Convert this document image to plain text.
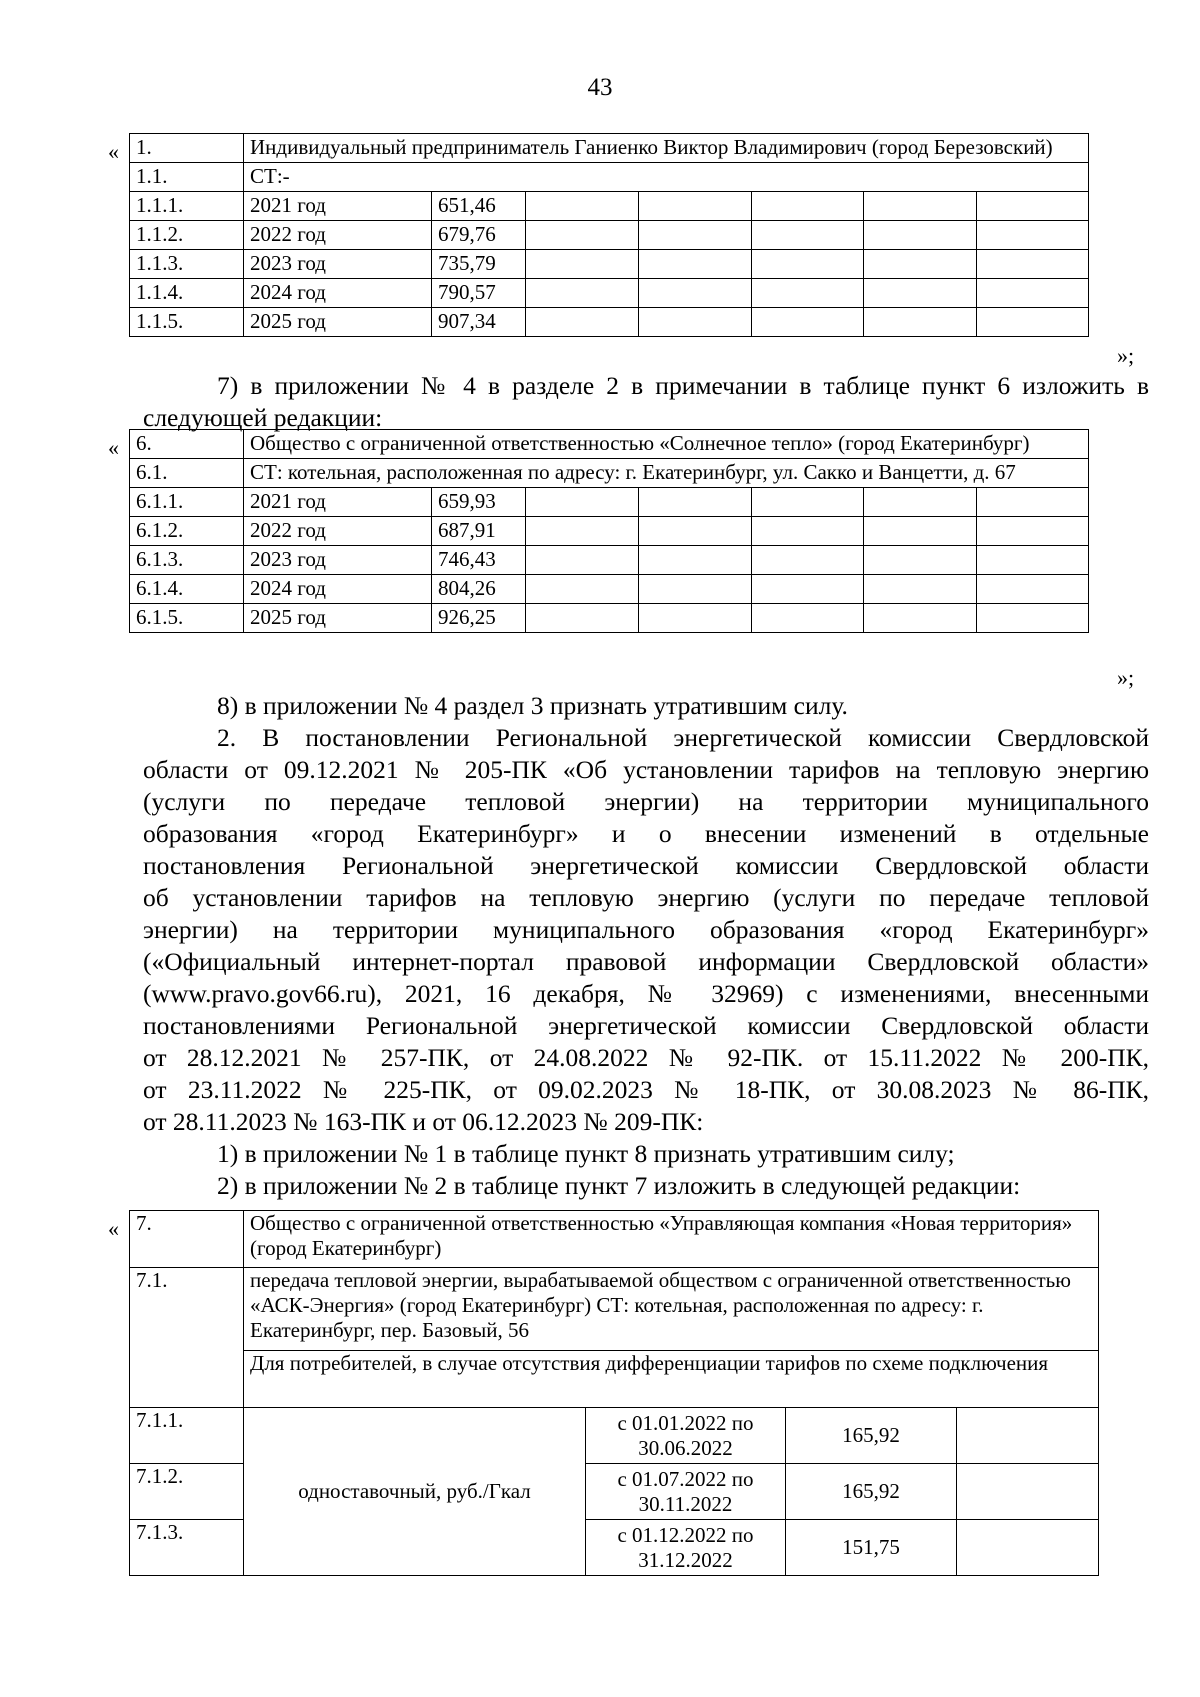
43
« 1.	Индивидуальный предприниматель Ганиенко Виктор Владимирович (город Березовский)						
1.1.	СТ:-						
1.1.1.	2021 год	651,46					
1.1.2.	2022 год	679,76					
1.1.3.	2023 год	735,79					
1.1.4.	2024 год	790,57					
1.1.5.	2025 год	907,34					
»;
7) в приложении № 4 в разделе 2 в примечании в таблице пункт 6 изложить в следующей редакции:
« 6.	Общество с ограниченной ответственностью «Солнечное тепло» (город Екатеринбург)						
6.1.	СТ: котельная, расположенная по адресу: г. Екатеринбург, ул. Сакко и Ванцетти, д. 67						
6.1.1.	2021 год	659,93					
6.1.2.	2022 год	687,91					
6.1.3.	2023 год	746,43					
6.1.4.	2024 год	804,26					
6.1.5.	2025 год	926,25					
»;
8) в приложении № 4 раздел 3 признать утратившим силу.
2. В постановлении Региональной энергетической комиссии Свердловской
области от 09.12.2021 № 205-ПК «Об установлении тарифов на тепловую энергию
(услуги по передаче тепловой энергии) на территории муниципального
образования «город Екатеринбург» и о внесении изменений в отдельные
постановления Региональной энергетической комиссии Свердловской области
об установлении тарифов на тепловую энергию (услуги по передаче тепловой
энергии) на территории муниципального образования «город Екатеринбург»
(«Официальный интернет-портал правовой информации Свердловской области»
(www.pravo.gov66.ru), 2021, 16 декабря, № 32969) с изменениями, внесенными
постановлениями Региональной энергетической комиссии Свердловской области
от 28.12.2021 № 257-ПК, от 24.08.2022 № 92-ПК. от 15.11.2022 № 200-ПК,
от 23.11.2022 № 225-ПК, от 09.02.2023 № 18-ПК, от 30.08.2023 № 86-ПК,
от 28.11.2023 № 163-ПК и от 06.12.2023 № 209-ПК:
1) в приложении № 1 в таблице пункт 8 признать утратившим силу;
2) в приложении № 2 в таблице пункт 7 изложить в следующей редакции:
« 7.	Общество с ограниченной ответственностью «Управляющая компания «Новая территория» (город Екатеринбург)			
7.1.	передача тепловой энергии, вырабатываемой обществом с ограниченной ответственностью «АСК-Энергия» (город Екатеринбург) СТ: котельная, расположенная по адресу: г. Екатеринбург, пер. Базовый, 56			
	Для потребителей, в случае отсутствия дифференциации тарифов по схеме подключения			
7.1.1.	одноставочный, руб./Гкал	с 01.01.2022 по 30.06.2022	165,92	
7.1.2.		с 01.07.2022 по 30.11.2022	165,92	
7.1.3.		с 01.12.2022 по 31.12.2022	151,75	
